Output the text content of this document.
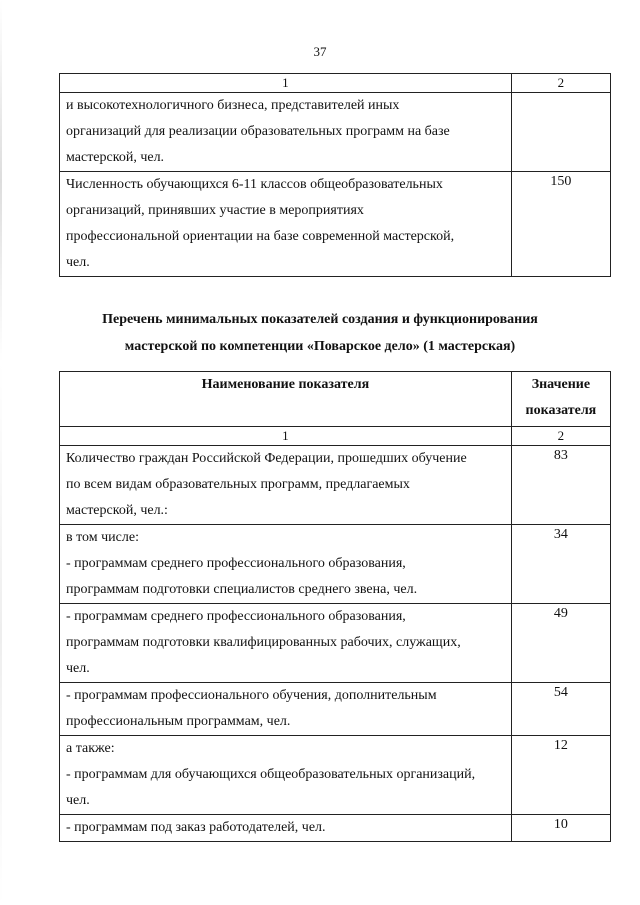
37
1	2

и высокотехнологичного бизнеса, представителей иных
организаций для реализации образовательных программ на базе
мастерской, чел.	

Численность обучающихся 6-11 классов общеобразовательных
организаций, принявших участие в мероприятиях
профессиональной ориентации на базе современной мастерской,
чел.	150
Перечень минимальных показателей создания и функционирования
мастерской по компетенции «Поварское дело» (1 мастерская)
Наименование показателя	Значение
показателя

1	2

Количество граждан Российской Федерации, прошедших обучение
по всем видам образовательных программ, предлагаемых
мастерской, чел.:	83

в том числе:
- программам среднего профессионального образования,
программам подготовки специалистов среднего звена, чел.	34

- программам среднего профессионального образования,
программам подготовки квалифицированных рабочих, служащих,
чел.	49

- программам профессионального обучения, дополнительным
профессиональным программам, чел.	54

а также:
- программам для обучающихся общеобразовательных организаций,
чел.	12

- программам под заказ работодателей, чел.	10
